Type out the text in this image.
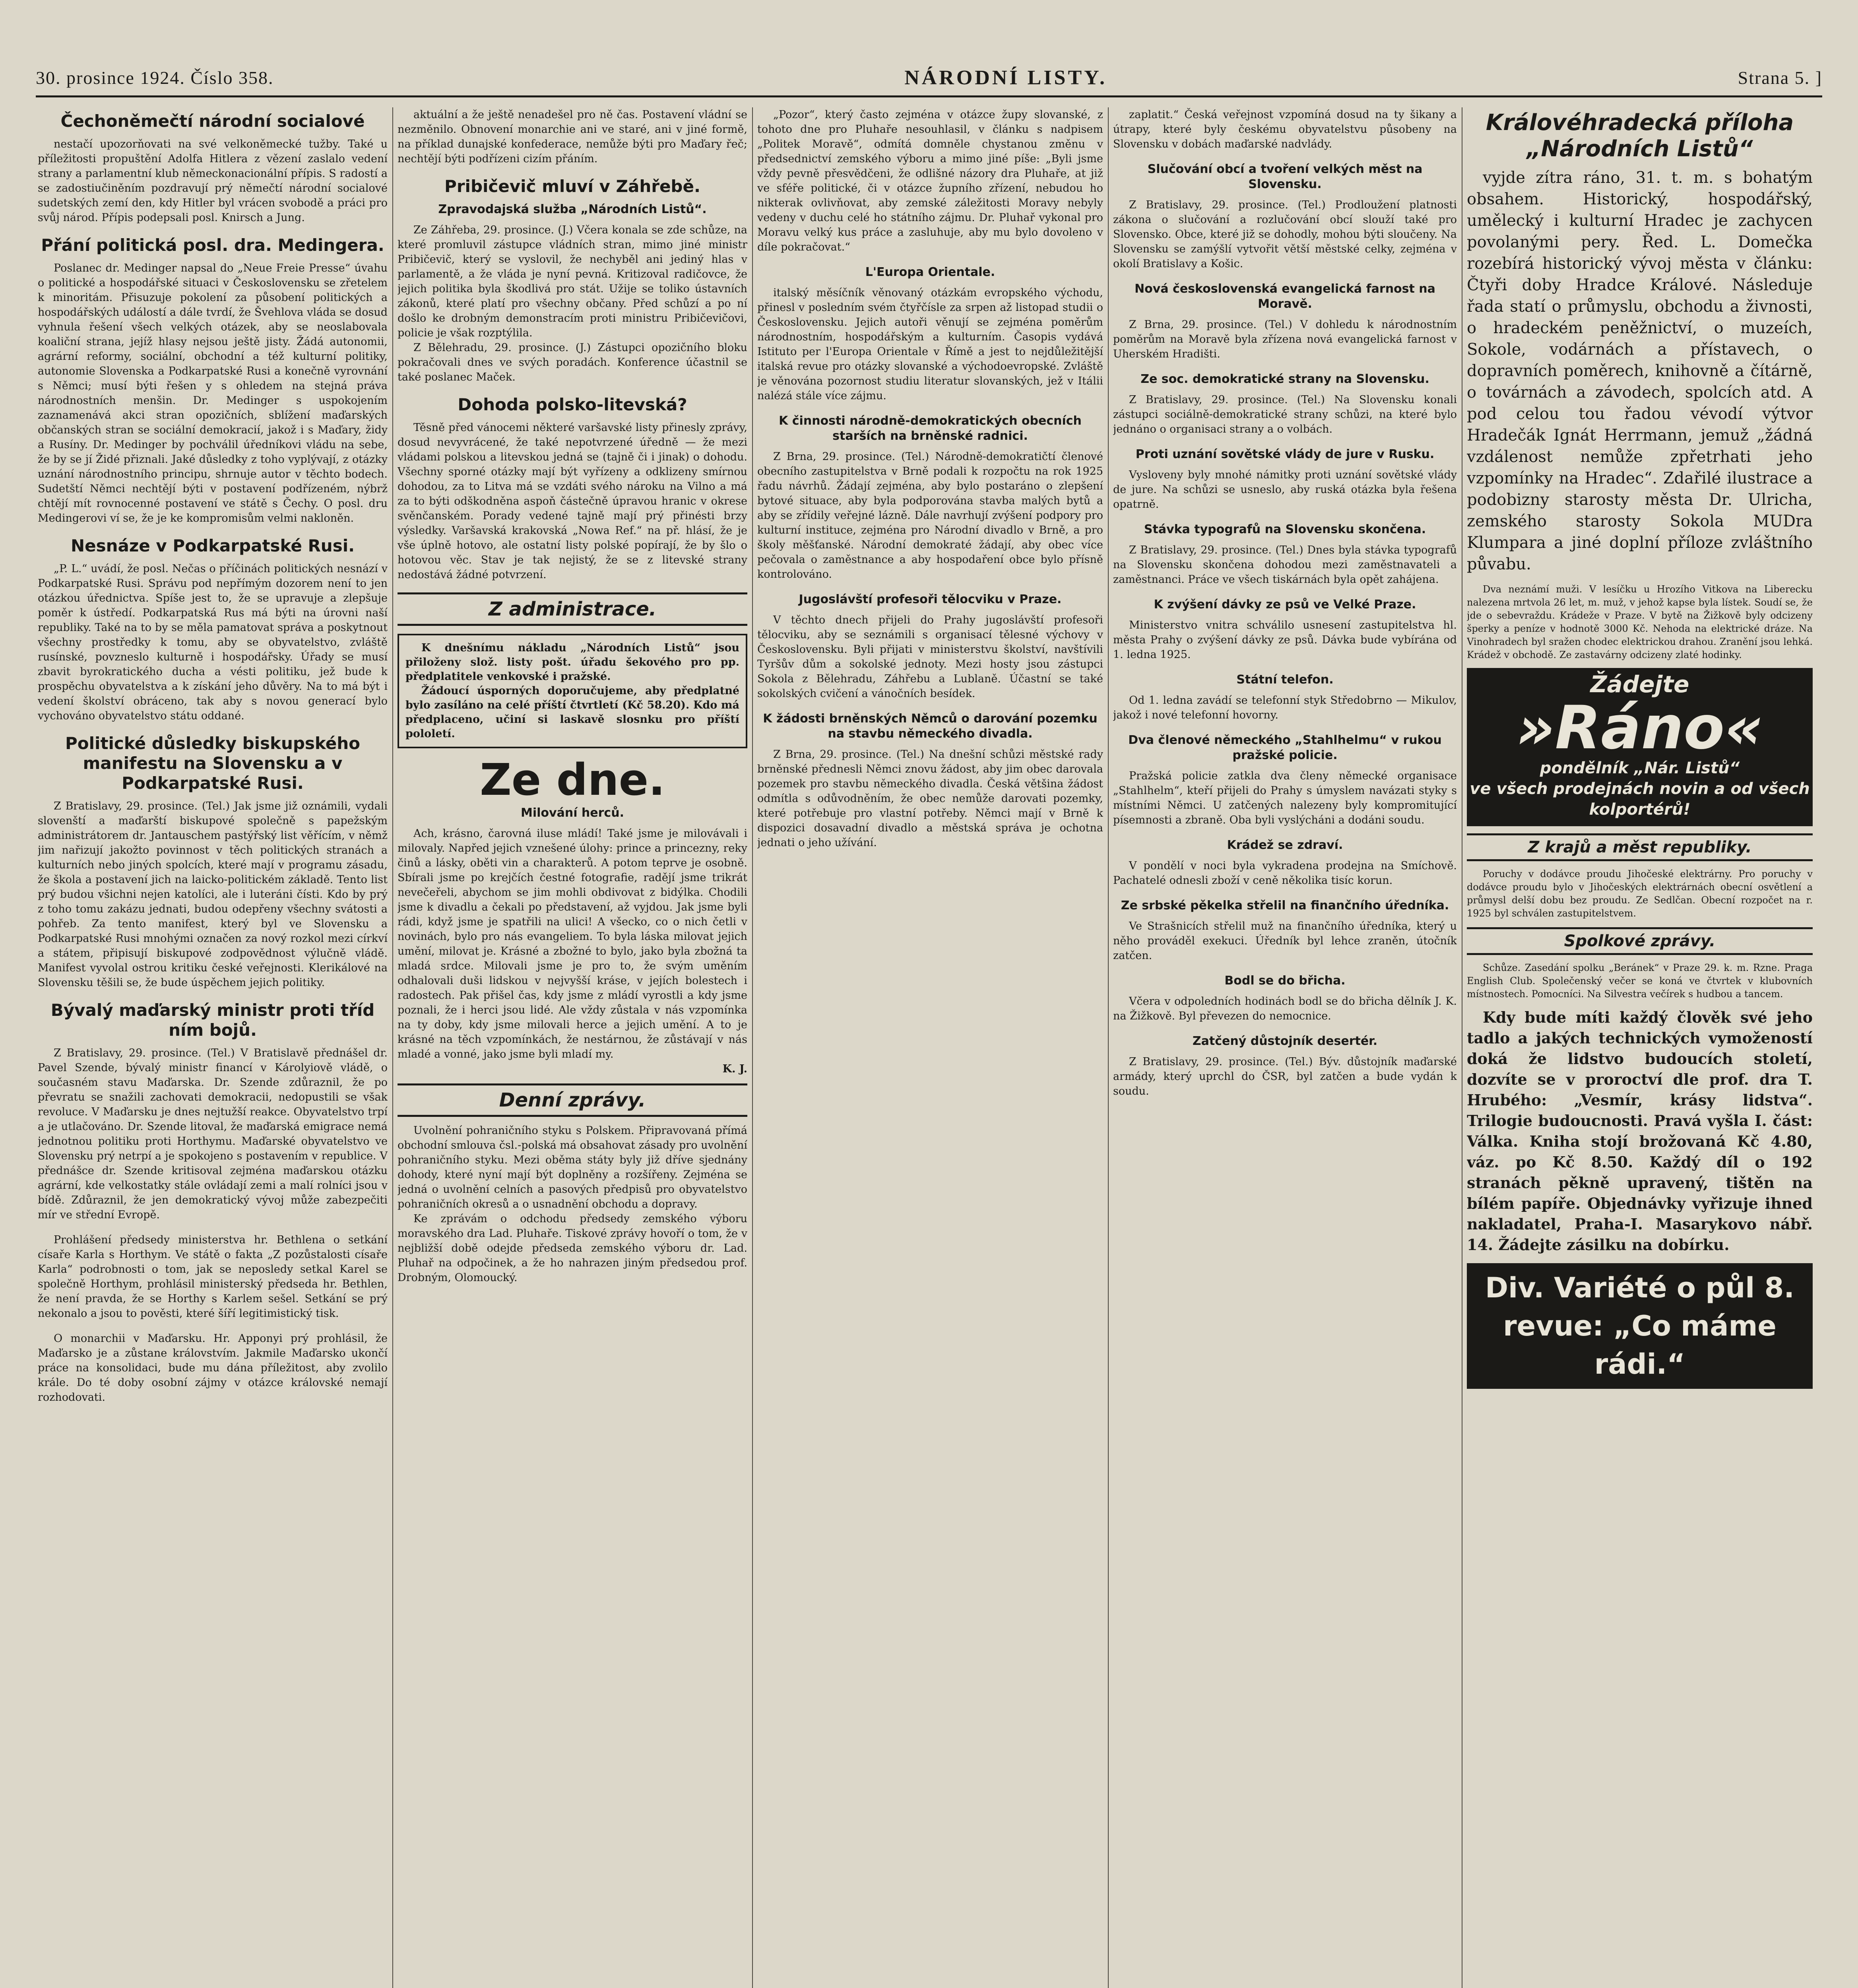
30. prosince 1924. Číslo 358.	NÁRODNÍ LISTY.	Strana 5. ]
Čechoněmečtí národní socialové

nestačí upozorňovati na své velkoněmecké tužby. Také u příležitosti propuštění Adolfa Hitlera z vězení zaslalo vedení strany a parlamentní klub německonacionální přípis. S radostí a se zadostiučiněním pozdravují prý němečtí národní socialové sudetských zemí den, kdy Hitler byl vrácen svobodě a práci pro svůj národ. Přípis podepsali posl. Knirsch a Jung.

Přání politická posl. dra. Medingera.

Poslanec dr. Medinger napsal do „Neue Freie Presse“ úvahu o politické a hospodářské situaci v Československu se zřetelem k minoritám. Přisuzuje pokolení za působení politických a hospodářských událostí a dále tvrdí, že Švehlova vláda se dosud vyhnula řešení všech velkých otázek, aby se neoslabovala koaliční strana, jejíž hlasy nejsou ještě jisty. Žádá autonomii, agrární reformy, sociální, obchodní a též kulturní politiky, autonomie Slovenska a Podkarpatské Rusi a konečně vyrovnání s Němci; musí býti řešen y s ohledem na stejná práva národnostních menšin. Dr. Medinger s uspokojením zaznamenává akci stran opozičních, sblížení maďarských občanských stran se sociální demokracií, jakož i s Maďary, židy a Rusíny. Dr. Medinger by pochválil úředníkovi vládu na sebe, že by se jí Židé přiznali. Jaké důsledky z toho vyplývají, z otázky uznání národnostního principu, shrnuje autor v těchto bodech. Sudetští Němci nechtějí býti v postavení podřízeném, nýbrž chtějí mít rovnocenné postavení ve státě s Čechy. O posl. dru Medingerovi ví se, že je ke kompromisům velmi nakloněn.

Nesnáze v Podkarpatské Rusi.

„P. L.“ uvádí, že posl. Nečas o příčinách politických nesnází v Podkarpatské Rusi. Správu pod nepřímým dozorem není to jen otázkou úřednictva. Spíše jest to, že se upravuje a zlepšuje poměr k ústředí. Podkarpatská Rus má býti na úrovni naší republiky. Také na to by se měla pamatovat správa a poskytnout všechny prostředky k tomu, aby se obyvatelstvo, zvláště rusínské, povzneslo kulturně i hospodářsky. Úřady se musí zbavit byrokratického ducha a vésti politiku, jež bude k prospěchu obyvatelstva a k získání jeho důvěry. Na to má být i vedení školství obráceno, tak aby s novou generací bylo vychováno obyvatelstvo státu oddané.

Politické důsledky biskupského manifestu na Slovensku a v Podkarpatské Rusi.

Z Bratislavy, 29. prosince. (Tel.) Jak jsme již oznámili, vydali slovenští a maďarští biskupové společně s papežským administrátorem dr. Jantauschem pastýřský list věřícím, v němž jim nařizují jakožto povinnost v těch politických stranách a kulturních nebo jiných spolcích, které mají v programu zásadu, že škola a postavení jich na laicko-politickém základě. Tento list prý budou všichni nejen katolíci, ale i luteráni čísti. Kdo by prý z toho tomu zakázu jednati, budou odepřeny všechny svátosti a pohřeb. Za tento manifest, který byl ve Slovensku a Podkarpatské Rusi mnohými označen za nový rozkol mezi církví a státem, připisují biskupové zodpovědnost výlučně vládě. Manifest vyvolal ostrou kritiku české veřejnosti. Klerikálové na Slovensku těšili se, že bude úspěchem jejich politiky.

Bývalý maďarský ministr proti tříd ním bojů.

Z Bratislavy, 29. prosince. (Tel.) V Bratislavě přednášel dr. Pavel Szende, bývalý ministr financí v Károlyiově vládě, o současném stavu Maďarska. Dr. Szende zdůraznil, že po převratu se snažili zachovati demokracii, nedopustili se však revoluce. V Maďarsku je dnes nejtužší reakce. Obyvatelstvo trpí a je utlačováno. Dr. Szende litoval, že maďarská emigrace nemá jednotnou politiku proti Horthymu. Maďarské obyvatelstvo ve Slovensku prý netrpí a je spokojeno s postavením v republice. V přednášce dr. Szende kritisoval zejména maďarskou otázku agrární, kde velkostatky stále ovládají zemi a malí rolníci jsou v bídě. Zdůraznil, že jen demokratický vývoj může zabezpečiti mír ve střední Evropě.

Prohlášení předsedy ministerstva hr. Bethlena o setkání císaře Karla s Horthym. Ve státě o fakta „Z pozůstalosti císaře Karla“ podrobnosti o tom, jak se neposledy setkal Karel se společně Horthym, prohlásil ministerský předseda hr. Bethlen, že není pravda, že se Horthy s Karlem sešel. Setkání se prý nekonalo a jsou to pověsti, které šíří legitimistický tisk.

O monarchii v Maďarsku. Hr. Apponyi prý prohlásil, že Maďarsko je a zůstane královstvím. Jakmile Maďarsko ukončí práce na konsolidaci, bude mu dána příležitost, aby zvolilo krále. Do té doby osobní zájmy v otázce královské nemají rozhodovati.

aktuální a že ještě nenadešel pro ně čas. Postavení vládní se nezměnilo. Obnovení monarchie ani ve staré, ani v jiné formě, na příklad dunajské konfederace, nemůže býti pro Maďary řeč; nechtějí býti podřízeni cizím přáním.

Pribičevič mluví v Záhřebě.
Zpravodajská služba „Národních Listů“.

Ze Záhřeba, 29. prosince. (J.) Včera konala se zde schůze, na které promluvil zástupce vládních stran, mimo jiné ministr Pribičevič, který se vyslovil, že nechyběl ani jediný hlas v parlamentě, a že vláda je nyní pevná. Kritizoval radičovce, že jejich politika byla škodlivá pro stát. Užije se toliko ústavních zákonů, které platí pro všechny občany. Před schůzí a po ní došlo ke drobným demonstracím proti ministru Pribičevičovi, policie je však rozptýlila.

Z Bělehradu, 29. prosince. (J.) Zástupci opozičního bloku pokračovali dnes ve svých poradách. Konference účastnil se také poslanec Maček.

Dohoda polsko-litevská?

Těsně před vánocemi některé varšavské listy přinesly zprávy, dosud nevyvrácené, že také nepotvrzené úředně — že mezi vládami polskou a litevskou jedná se (tajně či i jinak) o dohodu. Všechny sporné otázky mají být vyřízeny a odklizeny smírnou dohodou, za to Litva má se vzdáti svého nároku na Vilno a má za to býti odškodněna aspoň částečně úpravou hranic v okrese svěnčanském. Porady vedené tajně mají prý přinésti brzy výsledky. Varšavská krakovská „Nowa Ref.“ na př. hlásí, že je vše úplně hotovo, ale ostatní listy polské popírají, že by šlo o hotovou věc. Stav je tak nejistý, že se z litevské strany nedostává žádné potvrzení.

Z administrace.

K dnešnímu nákladu „Národních Listů“ jsou přiloženy slož. listy pošt. úřadu šekového pro pp. předplatitele venkovské i pražské.

Žádoucí úsporných doporučujeme, aby předplatné bylo zasíláno na celé příští čtvrtletí (Kč 58.20). Kdo má předplaceno, učiní si laskavě slosnku pro příští pololetí.

Ze dne.
Milování herců.

Ach, krásno, čarovná iluse mládí! Také jsme je milovávali i milovaly. Napřed jejich vznešené úlohy: prince a princezny, reky činů a lásky, oběti vin a charakterů. A potom teprve je osobně. Sbírali jsme po krejčích čestné fotografie, radějí jsme trikrát nevečeřeli, abychom se jim mohli obdivovat z bidýlka. Chodili jsme k divadlu a čekali po představení, až vyjdou. Jak jsme byli rádi, když jsme je spatřili na ulici! A všecko, co o nich četli v novinách, bylo pro nás evangeliem. To byla láska milovat jejich umění, milovat je. Krásné a zbožné to bylo, jako byla zbožná ta mladá srdce. Milovali jsme je pro to, že svým uměním odhalovali duši lidskou v nejvyšší kráse, v jejích bolestech i radostech. Pak přišel čas, kdy jsme z mládí vyrostli a kdy jsme poznali, že i herci jsou lidé. Ale vždy zůstala v nás vzpomínka na ty doby, kdy jsme milovali herce a jejich umění. A to je krásné na těch vzpomínkách, že nestárnou, že zůstávají v nás mladé a vonné, jako jsme byli mladí my.

K. J.

Denní zprávy.

Uvolnění pohraničního styku s Polskem. Připravovaná přímá obchodní smlouva čsl.-polská má obsahovat zásady pro uvolnění pohraničního styku. Mezi oběma státy byly již dříve sjednány dohody, které nyní mají být doplněny a rozšířeny. Zejména se jedná o uvolnění celních a pasových předpisů pro obyvatelstvo pohraničních okresů a o usnadnění obchodu a dopravy.

Ke zprávám o odchodu předsedy zemského výboru moravského dra Lad. Pluhaře. Tiskové zprávy hovoří o tom, že v nejbližší době odejde předseda zemského výboru dr. Lad. Pluhař na odpočinek, a že ho nahrazen jiným předsedou prof. Drobným, Olomoucký.

„Pozor“, který často zejména v otázce župy slovanské, z tohoto dne pro Pluhaře nesouhlasil, v článku s nadpisem „Politek Moravě“, odmítá domněle chystanou změnu v předsednictví zemského výboru a mimo jiné píše: „Byli jsme vždy pevně přesvědčeni, že odlišné názory dra Pluhaře, at již ve sféře politické, či v otázce župního zřízení, nebudou ho nikterak ovlivňovat, aby zemské záležitosti Moravy nebyly vedeny v duchu celé ho státního zájmu. Dr. Pluhař vykonal pro Moravu velký kus práce a zasluhuje, aby mu bylo dovoleno v díle pokračovat.“

L'Europa Orientale.

italský měsíčník věnovaný otázkám evropského východu, přinesl v posledním svém čtyřčísle za srpen až listopad studii o Československu. Jejich autoři věnují se zejména poměrům národnostním, hospodářským a kulturním. Časopis vydává Istituto per l'Europa Orientale v Římě a jest to nejdůležitější italská revue pro otázky slovanské a východoevropské. Zvláště je věnována pozornost studiu literatur slovanských, jež v Itálii nalézá stále více zájmu.

K činnosti národně-demokratických obecních starších na brněnské radnici.

Z Brna, 29. prosince. (Tel.) Národně-demokratičtí členové obecního zastupitelstva v Brně podali k rozpočtu na rok 1925 řadu návrhů. Žádají zejména, aby bylo postaráno o zlepšení bytové situace, aby byla podporována stavba malých bytů a aby se zřídily veřejné lázně. Dále navrhují zvýšení podpory pro kulturní instituce, zejména pro Národní divadlo v Brně, a pro školy měšťanské. Národní demokraté žádají, aby obec více pečovala o zaměstnance a aby hospodaření obce bylo přísně kontrolováno.

Jugoslávští profesoři tělocviku v Praze.

V těchto dnech přijeli do Prahy jugoslávští profesoři tělocviku, aby se seznámili s organisací tělesné výchovy v Československu. Byli přijati v ministerstvu školství, navštívili Tyršův dům a sokolské jednoty. Mezi hosty jsou zástupci Sokola z Bělehradu, Záhřebu a Lublaně. Účastní se také sokolských cvičení a vánočních besídek.

K žádosti brněnských Němců o darování pozemku na stavbu německého divadla.

Z Brna, 29. prosince. (Tel.) Na dnešní schůzi městské rady brněnské přednesli Němci znovu žádost, aby jim obec darovala pozemek pro stavbu německého divadla. Česká většina žádost odmítla s odůvodněním, že obec nemůže darovati pozemky, které potřebuje pro vlastní potřeby. Němci mají v Brně k dispozici dosavadní divadlo a městská správa je ochotna jednati o jeho užívání.

zaplatit.“ Česká veřejnost vzpomíná dosud na ty šikany a útrapy, které byly českému obyvatelstvu působeny na Slovensku v dobách maďarské nadvlády.

Slučování obcí a tvoření velkých měst na Slovensku.

Z Bratislavy, 29. prosince. (Tel.) Prodloužení platnosti zákona o slučování a rozlučování obcí slouží také pro Slovensko. Obce, které již se dohodly, mohou býti sloučeny. Na Slovensku se zamýšlí vytvořit větší městské celky, zejména v okolí Bratislavy a Košic.

Nová československá evangelická farnost na Moravě.

Z Brna, 29. prosince. (Tel.) V dohledu k národnostním poměrům na Moravě byla zřízena nová evangelická farnost v Uherském Hradišti.

Ze soc. demokratické strany na Slovensku.

Z Bratislavy, 29. prosince. (Tel.) Na Slovensku konali zástupci sociálně-demokratické strany schůzi, na které bylo jednáno o organisaci strany a o volbách.

Proti uznání sovětské vlády de jure v Rusku.

Vysloveny byly mnohé námitky proti uznání sovětské vlády de jure. Na schůzi se usneslo, aby ruská otázka byla řešena opatrně.

Stávka typografů na Slovensku skončena.

Z Bratislavy, 29. prosince. (Tel.) Dnes byla stávka typografů na Slovensku skončena dohodou mezi zaměstnavateli a zaměstnanci. Práce ve všech tiskárnách byla opět zahájena.

K zvýšení dávky ze psů ve Velké Praze.

Ministerstvo vnitra schválilo usnesení zastupitelstva hl. města Prahy o zvýšení dávky ze psů. Dávka bude vybírána od 1. ledna 1925.

Státní telefon.

Od 1. ledna zavádí se telefonní styk Středobrno — Mikulov, jakož i nové telefonní hovorny.

Dva členové německého „Stahlhelmu“ v rukou pražské policie.

Pražská policie zatkla dva členy německé organisace „Stahlhelm“, kteří přijeli do Prahy s úmyslem navázati styky s místními Němci. U zatčených nalezeny byly kompromitující písemnosti a zbraně. Oba byli vyslýcháni a dodáni soudu.

Krádež se zdraví.

V pondělí v noci byla vykradena prodejna na Smíchově. Pachatelé odnesli zboží v ceně několika tisíc korun.

Ze srbské pěkelka střelil na finančního úředníka.

Ve Strašnicích střelil muž na finančního úředníka, který u něho prováděl exekuci. Úředník byl lehce zraněn, útočník zatčen.

Bodl se do břicha.

Včera v odpoledních hodinách bodl se do břicha dělník J. K. na Žižkově. Byl převezen do nemocnice.

Zatčený důstojník desertér.

Z Bratislavy, 29. prosince. (Tel.) Býv. důstojník maďarské armády, který uprchl do ČSR, byl zatčen a bude vydán k soudu.

Královéhradecká příloha „Národních Listů“

vyjde zítra ráno, 31. t. m. s bohatým obsahem. Historický, hospodářský, umělecký i kulturní Hradec je zachycen povolanými pery. Řed. L. Domečka rozebírá historický vývoj města v článku: Čtyři doby Hradce Králové. Následuje řada statí o průmyslu, obchodu a živnosti, o hradeckém peněžnictví, o muzeích, Sokole, vodárnách a přístavech, o dopravních poměrech, knihovně a čítárně, o továrnách a závodech, spolcích atd. A pod celou tou řadou vévodí výtvor Hradečák Ignát Herrmann, jemuž „žádná vzdálenost nemůže zpřetrhati jeho vzpomínky na Hradec“. Zdařilé ilustrace a podobizny starosty města Dr. Ulricha, zemského starosty Sokola MUDra Klumpara a jiné doplní příloze zvláštního půvabu.

Dva neznámí muži. V lesíčku u Hrozího Vitkova na Liberecku nalezena mrtvola 26 let, m. muž, v jehož kapse byla lístek. Soudí se, že jde o sebevraždu. Krádeže v Praze. V bytě na Žižkově byly odcizeny šperky a peníze v hodnotě 3000 Kč. Nehoda na elektrické dráze. Na Vinohradech byl sražen chodec elektrickou drahou. Zranění jsou lehká. Krádež v obchodě. Ze zastavárny odcizeny zlaté hodinky.

Žádejte
»Ráno«
pondělník „Nár. Listů“
ve všech prodejnách novin a od všech kolportérů!
Z krajů a měst republiky.

Poruchy v dodávce proudu Jihočeské elektrárny. Pro poruchy v dodávce proudu bylo v Jihočeských elektrárnách obecní osvětlení a průmysl delší dobu bez proudu. Ze Sedlčan. Obecní rozpočet na r. 1925 byl schválen zastupitelstvem.

Spolkové zprávy.

Schůze. Zasedání spolku „Beránek“ v Praze 29. k. m. Rzne. Praga English Club. Společenský večer se koná ve čtvrtek v klubovních místnostech. Pomocníci. Na Silvestra večírek s hudbou a tancem.

Kdy bude míti každý člověk své jeho tadlo a jakých technických vymožeností doká že lidstvo budoucích století, dozvíte se v proroctví dle prof. dra T. Hrubého: „Vesmír, krásy lidstva“. Trilogie budoucnosti. Pravá vyšla I. část: Válka. Kniha stojí brožovaná Kč 4.80, váz. po Kč 8.50. Každý díl o 192 stranách pěkně upravený, tištěn na bílém papíře. Objednávky vyřizuje ihned nakladatel, Praha-I. Masarykovo nábř. 14. Žádejte zásilku na dobírku.

Div. Variété o půl 8. revue: „Co máme rádi.“
